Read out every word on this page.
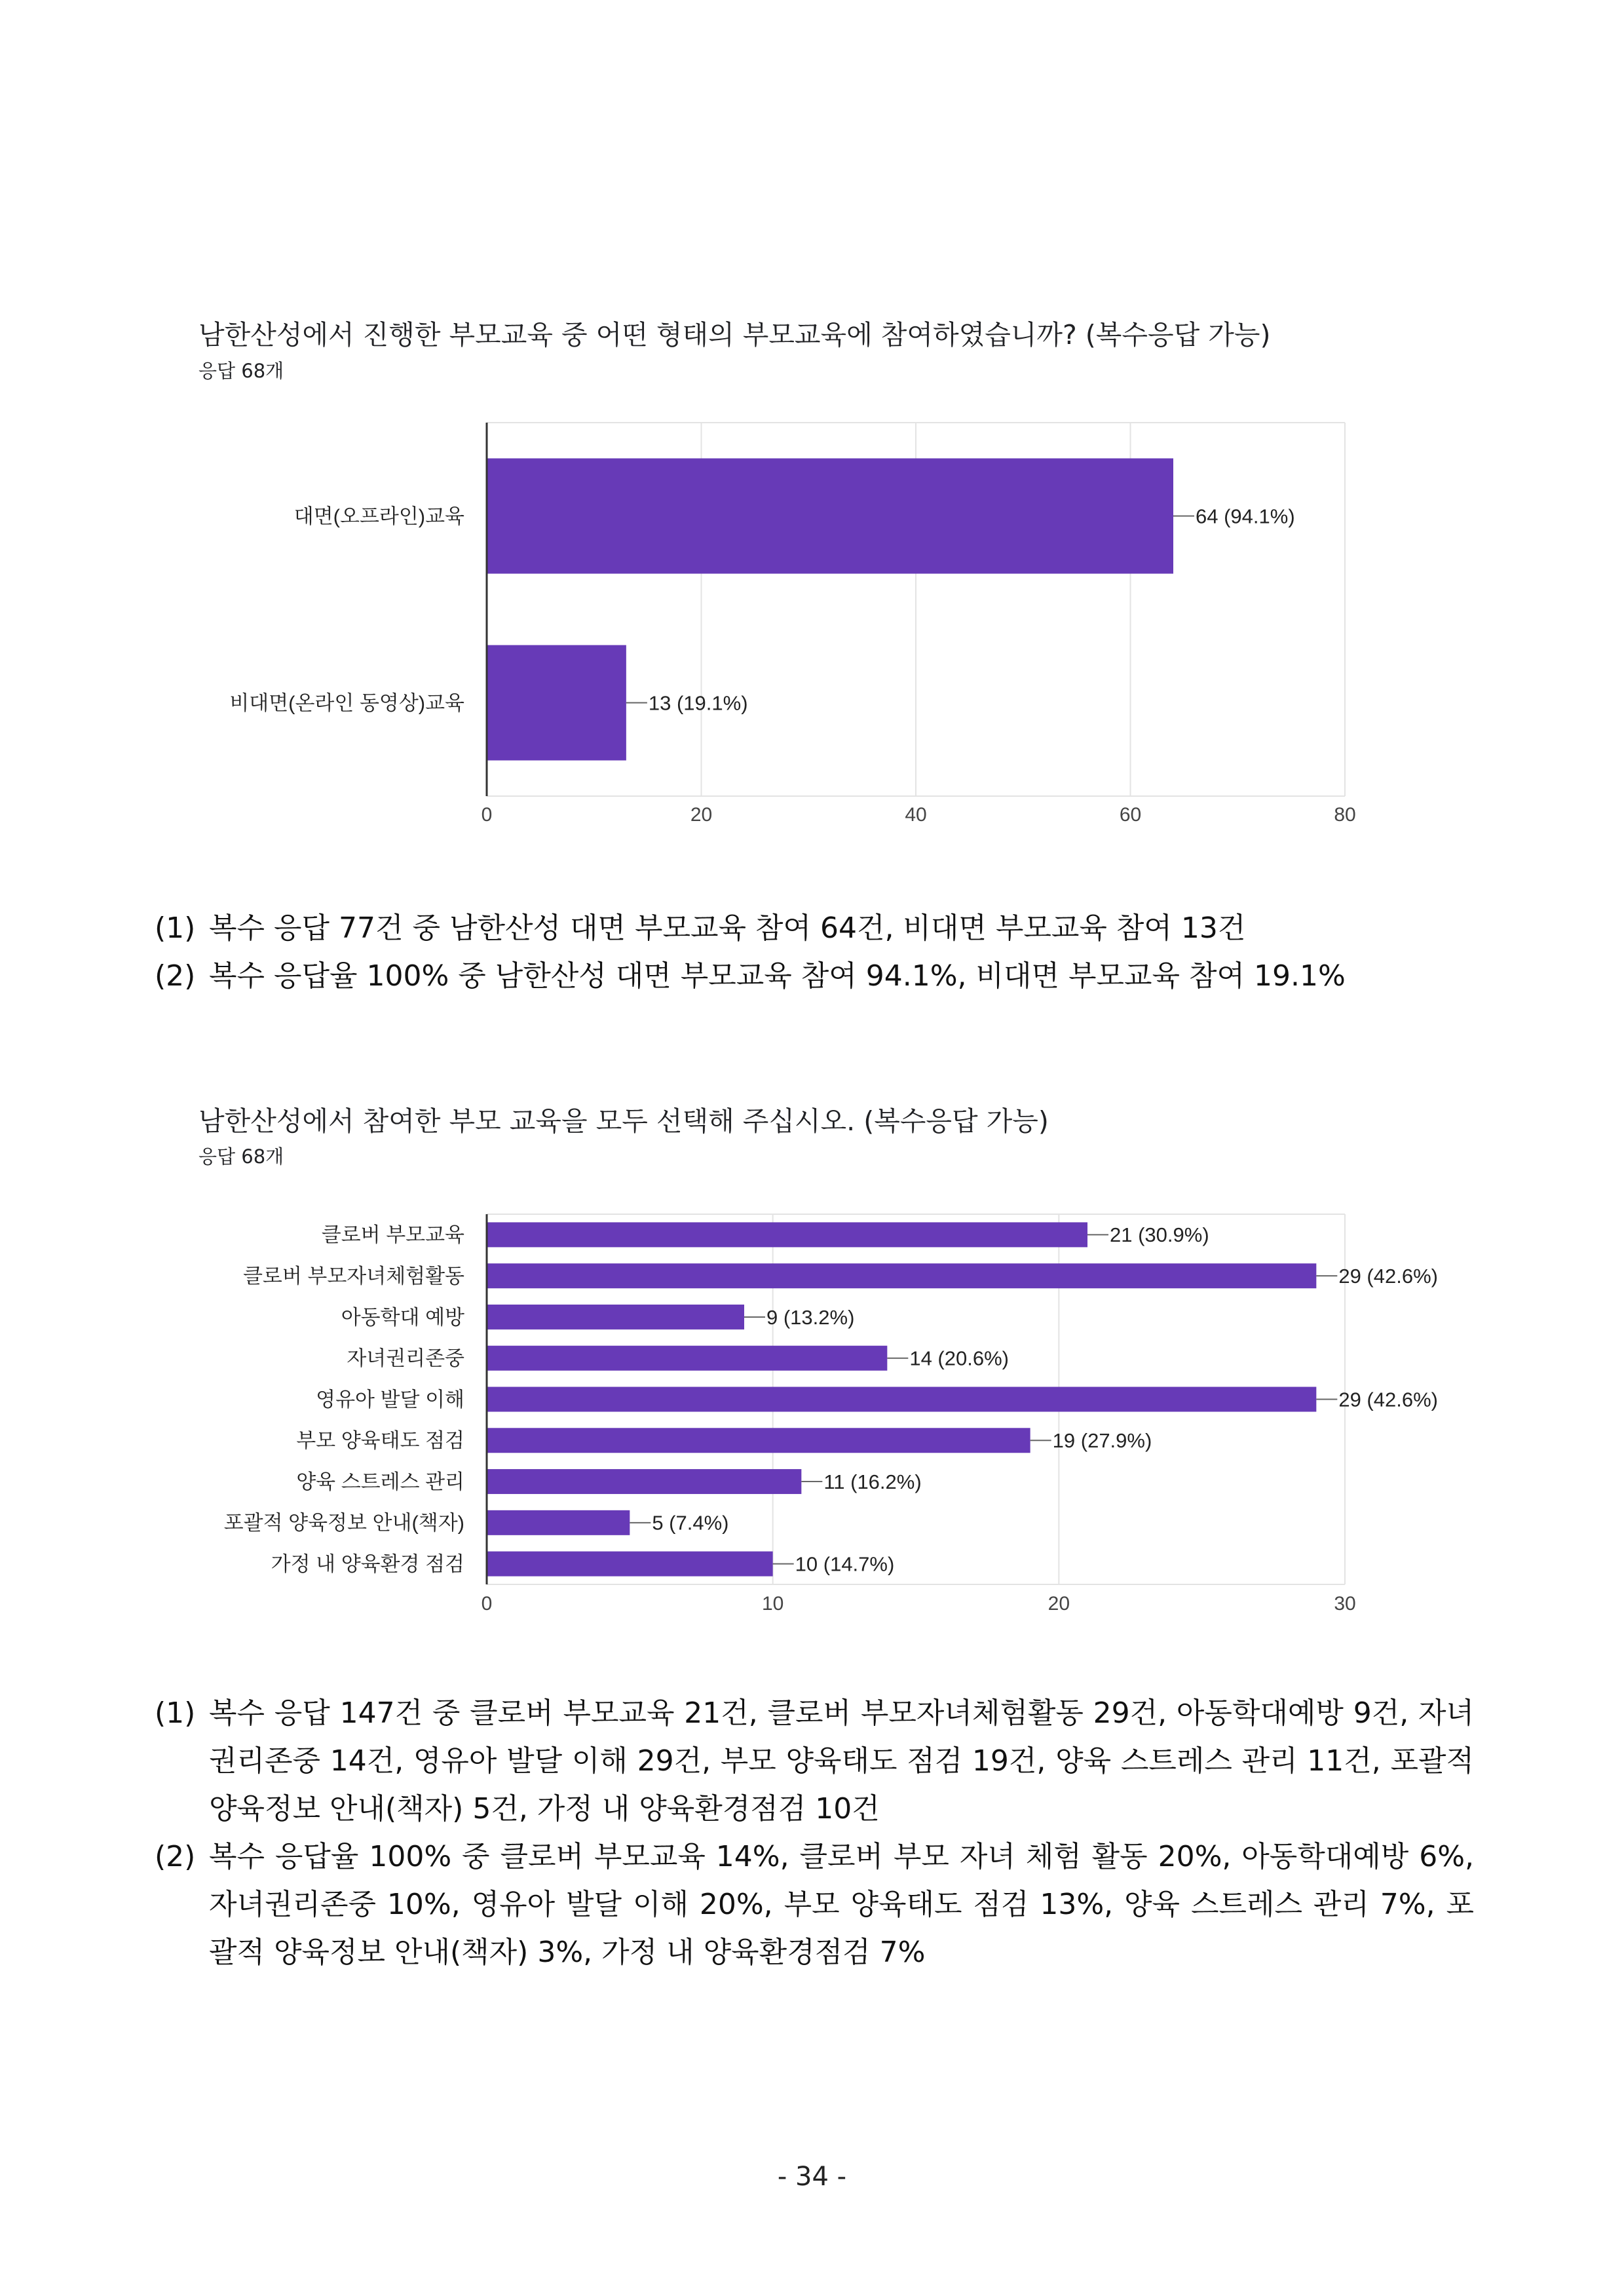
남한산성에서 진행한 부모교육 중 어떤 형태의 부모교육에 참여하였습니까? (복수응답 가능)
응답 68개
0	20	40	60	80
대면(오프라인)교육	64 (94.1%)
비대면(온라인 동영상)교육	13 (19.1%)
(1) 복수 응답 77건 중 남한산성 대면 부모교육 참여 64건, 비대면 부모교육 참여 13건
(2) 복수 응답율 100% 중 남한산성 대면 부모교육 참여 94.1%, 비대면 부모교육 참여 19.1%
남한산성에서 참여한 부모 교육을 모두 선택해 주십시오. (복수응답 가능)
응답 68개
0	10	20	30
클로버 부모교육	21 (30.9%)
클로버 부모자녀체험활동	29 (42.6%)
아동학대 예방	9 (13.2%)
자녀권리존중	14 (20.6%)
영유아 발달 이해	29 (42.6%)
부모 양육태도 점검	19 (27.9%)
양육 스트레스 관리	11 (16.2%)
포괄적 양육정보 안내(책자)	5 (7.4%)
가정 내 양육환경 점검	10 (14.7%)
(1) 복수 응답 147건 중 클로버 부모교육 21건, 클로버 부모자녀체험활동 29건, 아동학대예방 9건, 자녀권리존중 14건, 영유아 발달 이해 29건, 부모 양육태도 점검 19건, 양육 스트레스 관리 11건, 포괄적 양육정보 안내(책자) 5건, 가정 내 양육환경점검 10건
(2) 복수 응답율 100% 중 클로버 부모교육 14%, 클로버 부모 자녀 체험 활동 20%, 아동학대예방 6%, 자녀권리존중 10%, 영유아 발달 이해 20%, 부모 양육태도 점검 13%, 양육 스트레스 관리 7%, 포괄적 양육정보 안내(책자) 3%, 가정 내 양육환경점검 7%
- 34 -
